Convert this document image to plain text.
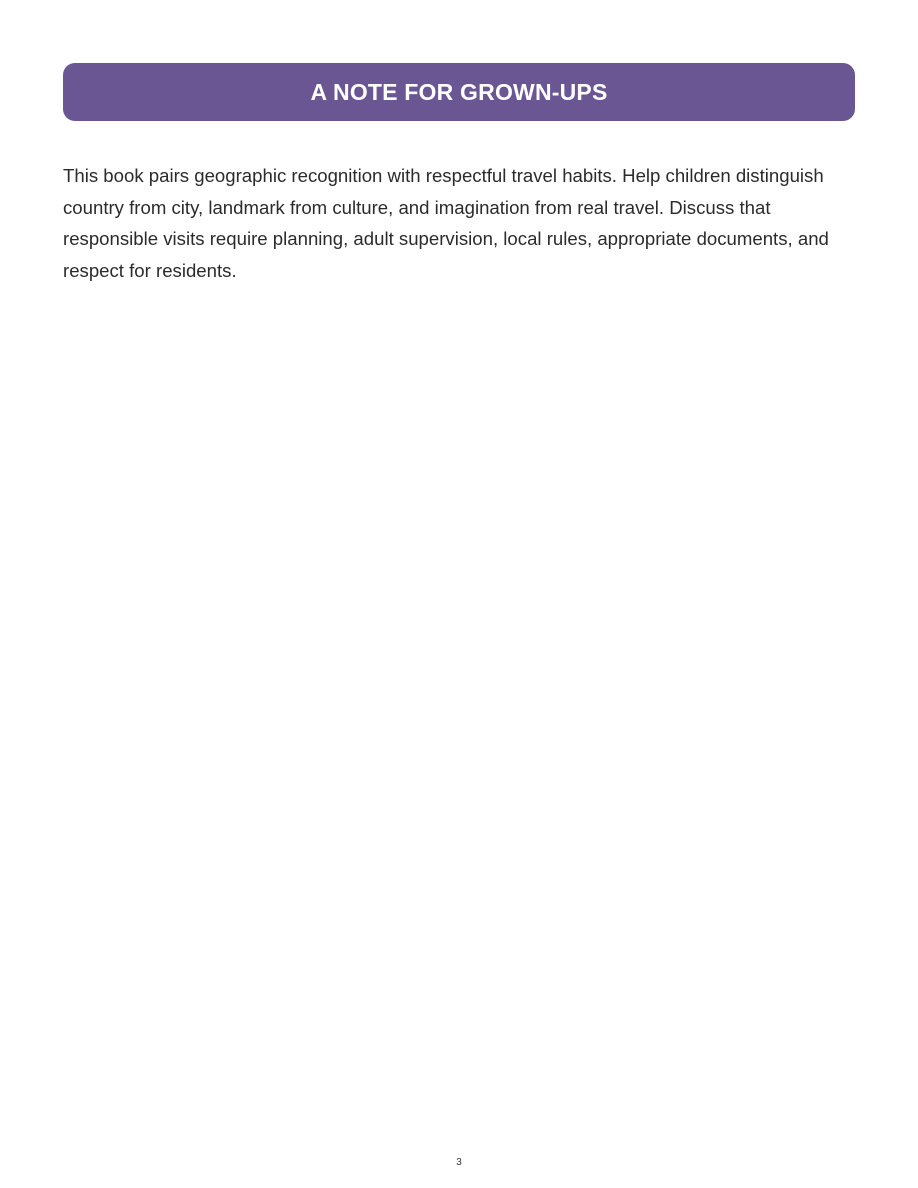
A NOTE FOR GROWN-UPS

This book pairs geographic recognition with respectful travel habits. Help children distinguish country from city, landmark from culture, and imagination from real travel. Discuss that responsible visits require planning, adult supervision, local rules, appropriate documents, and respect for residents.

3
